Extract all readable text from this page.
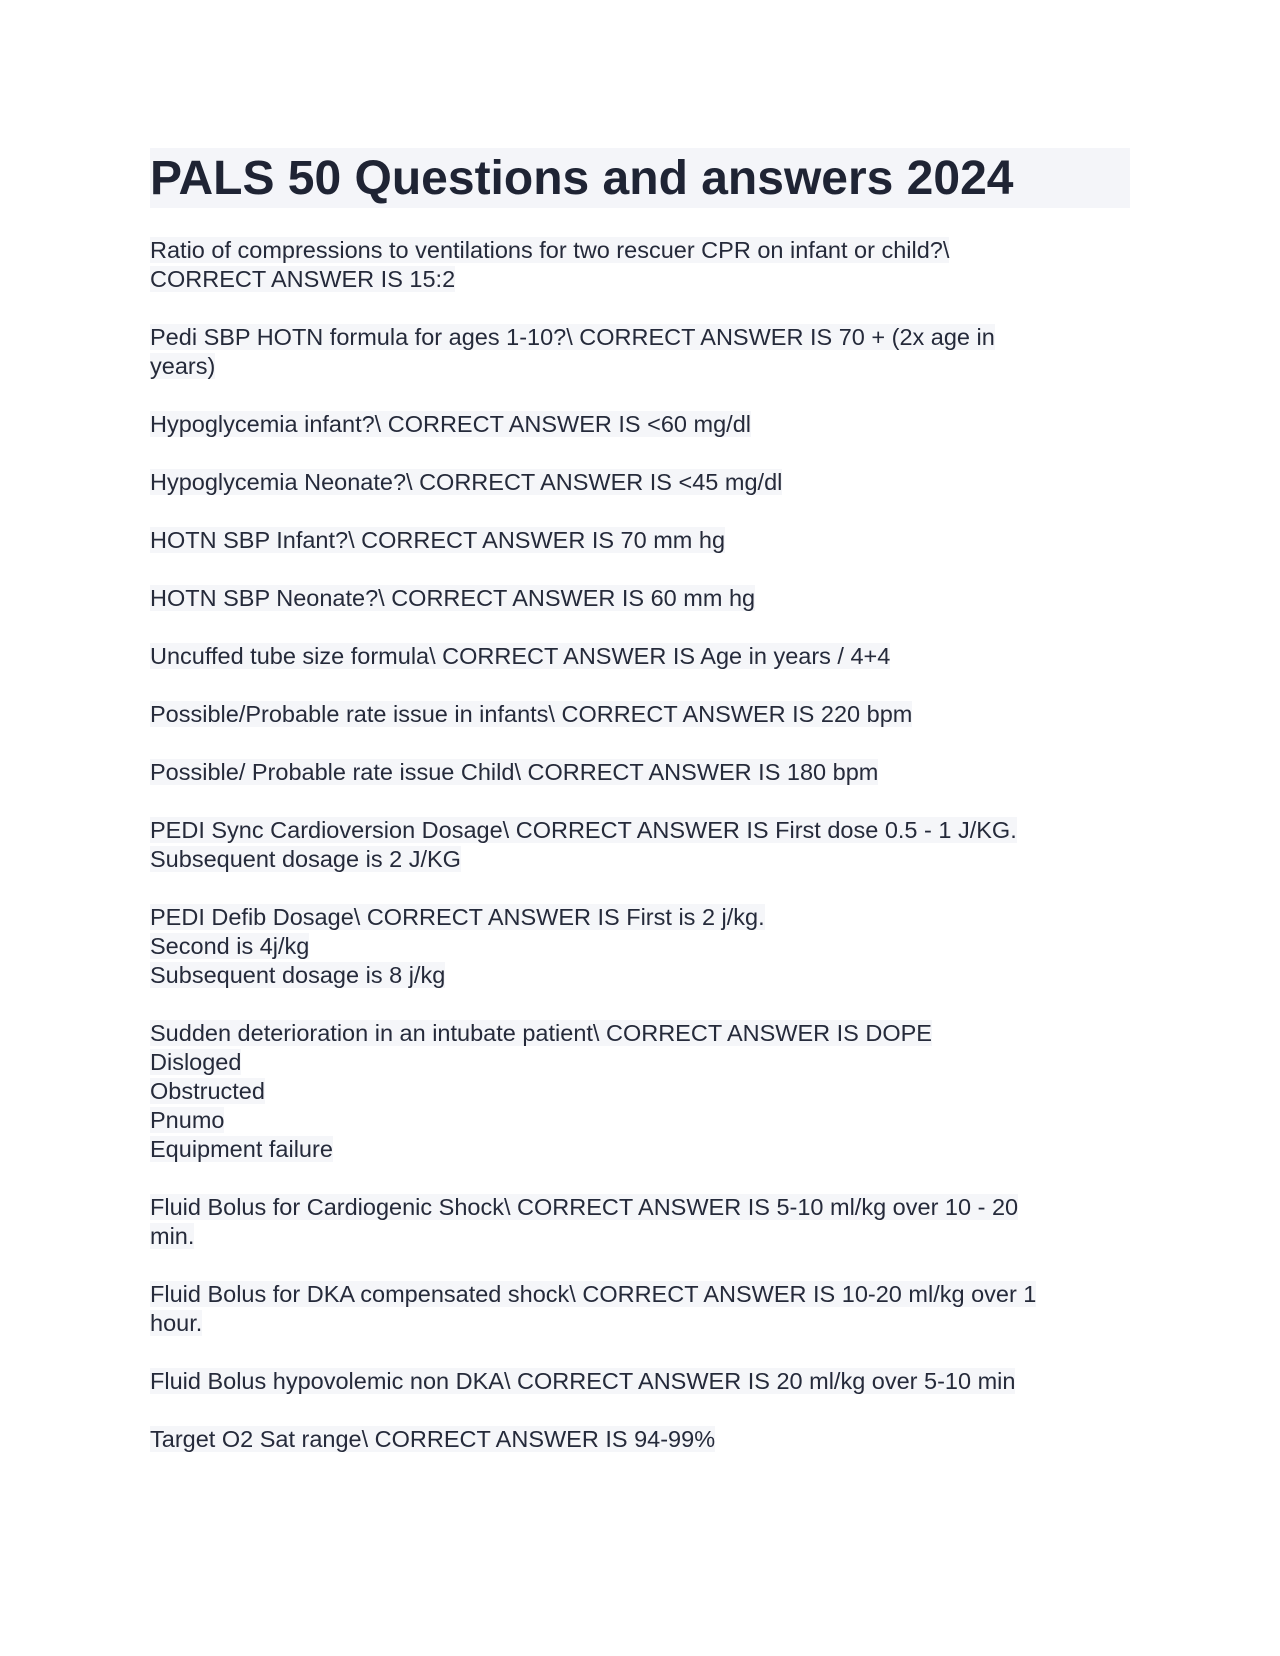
PALS 50 Questions and answers 2024

Ratio of compressions to ventilations for two rescuer CPR on infant or child?\
CORRECT ANSWER IS 15:2

Pedi SBP HOTN formula for ages 1-10?\ CORRECT ANSWER IS 70 + (2x age in
years)

Hypoglycemia infant?\ CORRECT ANSWER IS <60 mg/dl

Hypoglycemia Neonate?\ CORRECT ANSWER IS <45 mg/dl

HOTN SBP Infant?\ CORRECT ANSWER IS 70 mm hg

HOTN SBP Neonate?\ CORRECT ANSWER IS 60 mm hg

Uncuffed tube size formula\ CORRECT ANSWER IS Age in years / 4+4

Possible/Probable rate issue in infants\ CORRECT ANSWER IS 220 bpm

Possible/ Probable rate issue Child\ CORRECT ANSWER IS 180 bpm

PEDI Sync Cardioversion Dosage\ CORRECT ANSWER IS First dose 0.5 - 1 J/KG.
Subsequent dosage is 2 J/KG

PEDI Defib Dosage\ CORRECT ANSWER IS First is 2 j/kg.
Second is 4j/kg
Subsequent dosage is 8 j/kg

Sudden deterioration in an intubate patient\ CORRECT ANSWER IS DOPE
Disloged
Obstructed
Pnumo
Equipment failure

Fluid Bolus for Cardiogenic Shock\ CORRECT ANSWER IS 5-10 ml/kg over 10 - 20
min.

Fluid Bolus for DKA compensated shock\ CORRECT ANSWER IS 10-20 ml/kg over 1
hour.

Fluid Bolus hypovolemic non DKA\ CORRECT ANSWER IS 20 ml/kg over 5-10 min

Target O2 Sat range\ CORRECT ANSWER IS 94-99%
